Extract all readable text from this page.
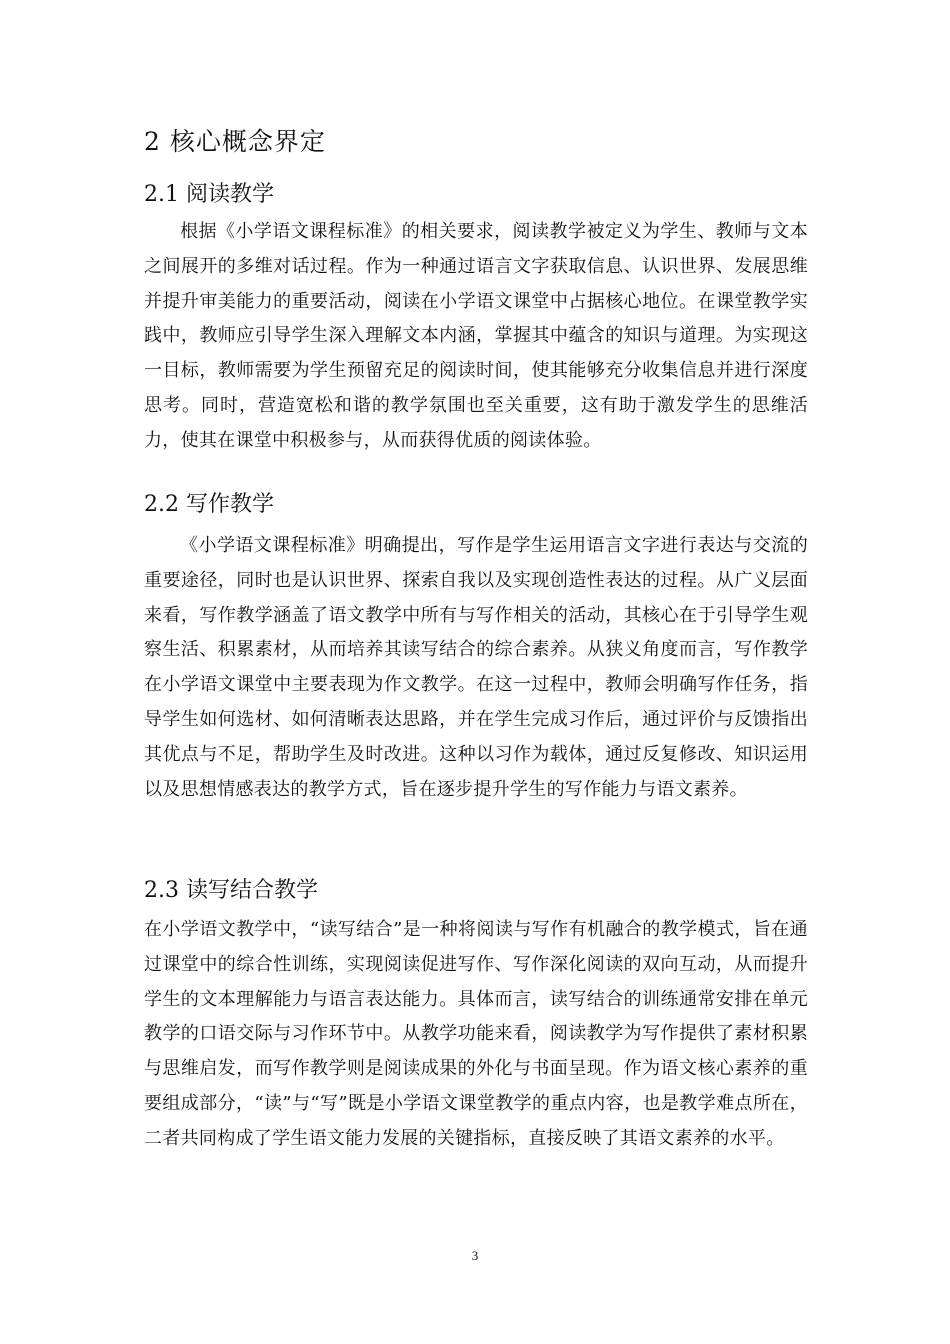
2 核心概念界定
2.1 阅读教学

根据《小学语文课程标准》的相关要求，阅读教学被定义为学生、教师与文本之间展开的多维对话过程。作为一种通过语言文字获取信息、认识世界、发展思维并提升审美能力的重要活动，阅读在小学语文课堂中占据核心地位。在课堂教学实践中，教师应引导学生深入理解文本内涵，掌握其中蕴含的知识与道理。为实现这一目标，教师需要为学生预留充足的阅读时间，使其能够充分收集信息并进行深度思考。同时，营造宽松和谐的教学氛围也至关重要，这有助于激发学生的思维活力，使其在课堂中积极参与，从而获得优质的阅读体验。

2.2 写作教学

《小学语文课程标准》明确提出，写作是学生运用语言文字进行表达与交流的重要途径，同时也是认识世界、探索自我以及实现创造性表达的过程。从广义层面来看，写作教学涵盖了语文教学中所有与写作相关的活动，其核心在于引导学生观察生活、积累素材，从而培养其读写结合的综合素养。从狭义角度而言，写作教学在小学语文课堂中主要表现为作文教学。在这一过程中，教师会明确写作任务，指导学生如何选材、如何清晰表达思路，并在学生完成习作后，通过评价与反馈指出其优点与不足，帮助学生及时改进。这种以习作为载体，通过反复修改、知识运用以及思想情感表达的教学方式，旨在逐步提升学生的写作能力与语文素养。

2.3 读写结合教学

在小学语文教学中，“读写结合”是一种将阅读与写作有机融合的教学模式，旨在通过课堂中的综合性训练，实现阅读促进写作、写作深化阅读的双向互动，从而提升学生的文本理解能力与语言表达能力。具体而言，读写结合的训练通常安排在单元教学的口语交际与习作环节中。从教学功能来看，阅读教学为写作提供了素材积累与思维启发，而写作教学则是阅读成果的外化与书面呈现。作为语文核心素养的重要组成部分，“读”与“写”既是小学语文课堂教学的重点内容，也是教学难点所在，二者共同构成了学生语文能力发展的关键指标，直接反映了其语文素养的水平。

3
